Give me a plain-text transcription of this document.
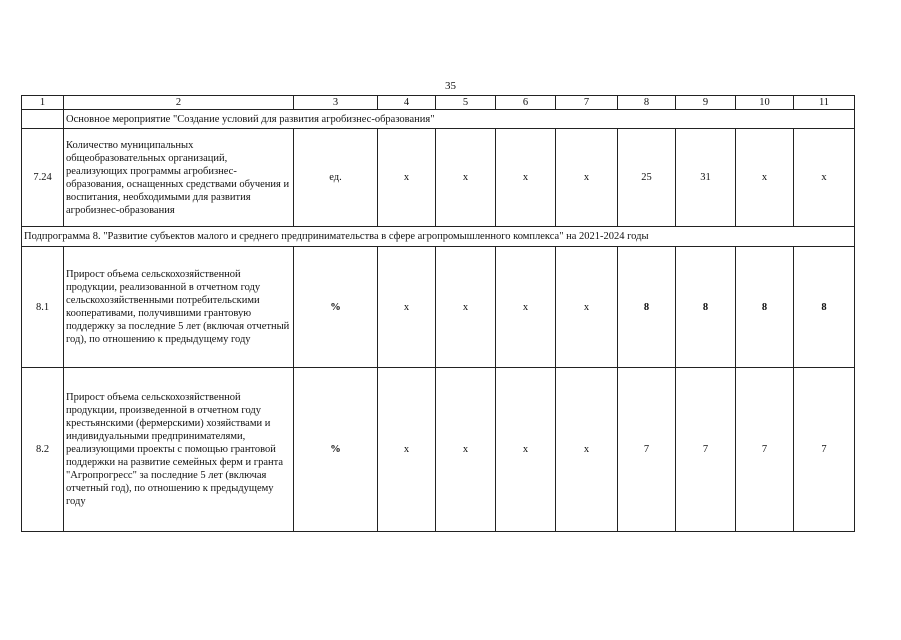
35
1	2	3	4	5	6	7	8	9	10	11
	Основное мероприятие "Создание условий для развития агробизнес-образования"									
7.24	Количество муниципальных общеобразовательных организаций, реализующих программы агробизнес-образования, оснащенных средствами обучения и воспитания, необходимыми для развития агробизнес-образования	ед.	x	x	x	x	25	31	x	x
Подпрограмма 8. "Развитие субъектов малого и среднего предпринимательства в сфере агропромышленного комплекса" на 2021-2024 годы										
8.1	Прирост объема сельскохозяйственной продукции, реализованной в отчетном году сельскохозяйственными потребительскими кооперативами, получившими грантовую поддержку за последние 5 лет (включая отчетный год), по отношению к предыдущему году	%	x	x	x	x	8	8	8	8
8.2	Прирост объема сельскохозяйственной продукции, произведенной в отчетном году крестьянскими (фермерскими) хозяйствами и индивидуальными предпринимателями, реализующими проекты с помощью грантовой поддержки на развитие семейных ферм и гранта "Агропрогресс" за последние 5 лет (включая отчетный год), по отношению к предыдущему году	%	x	x	x	x	7	7	7	7
